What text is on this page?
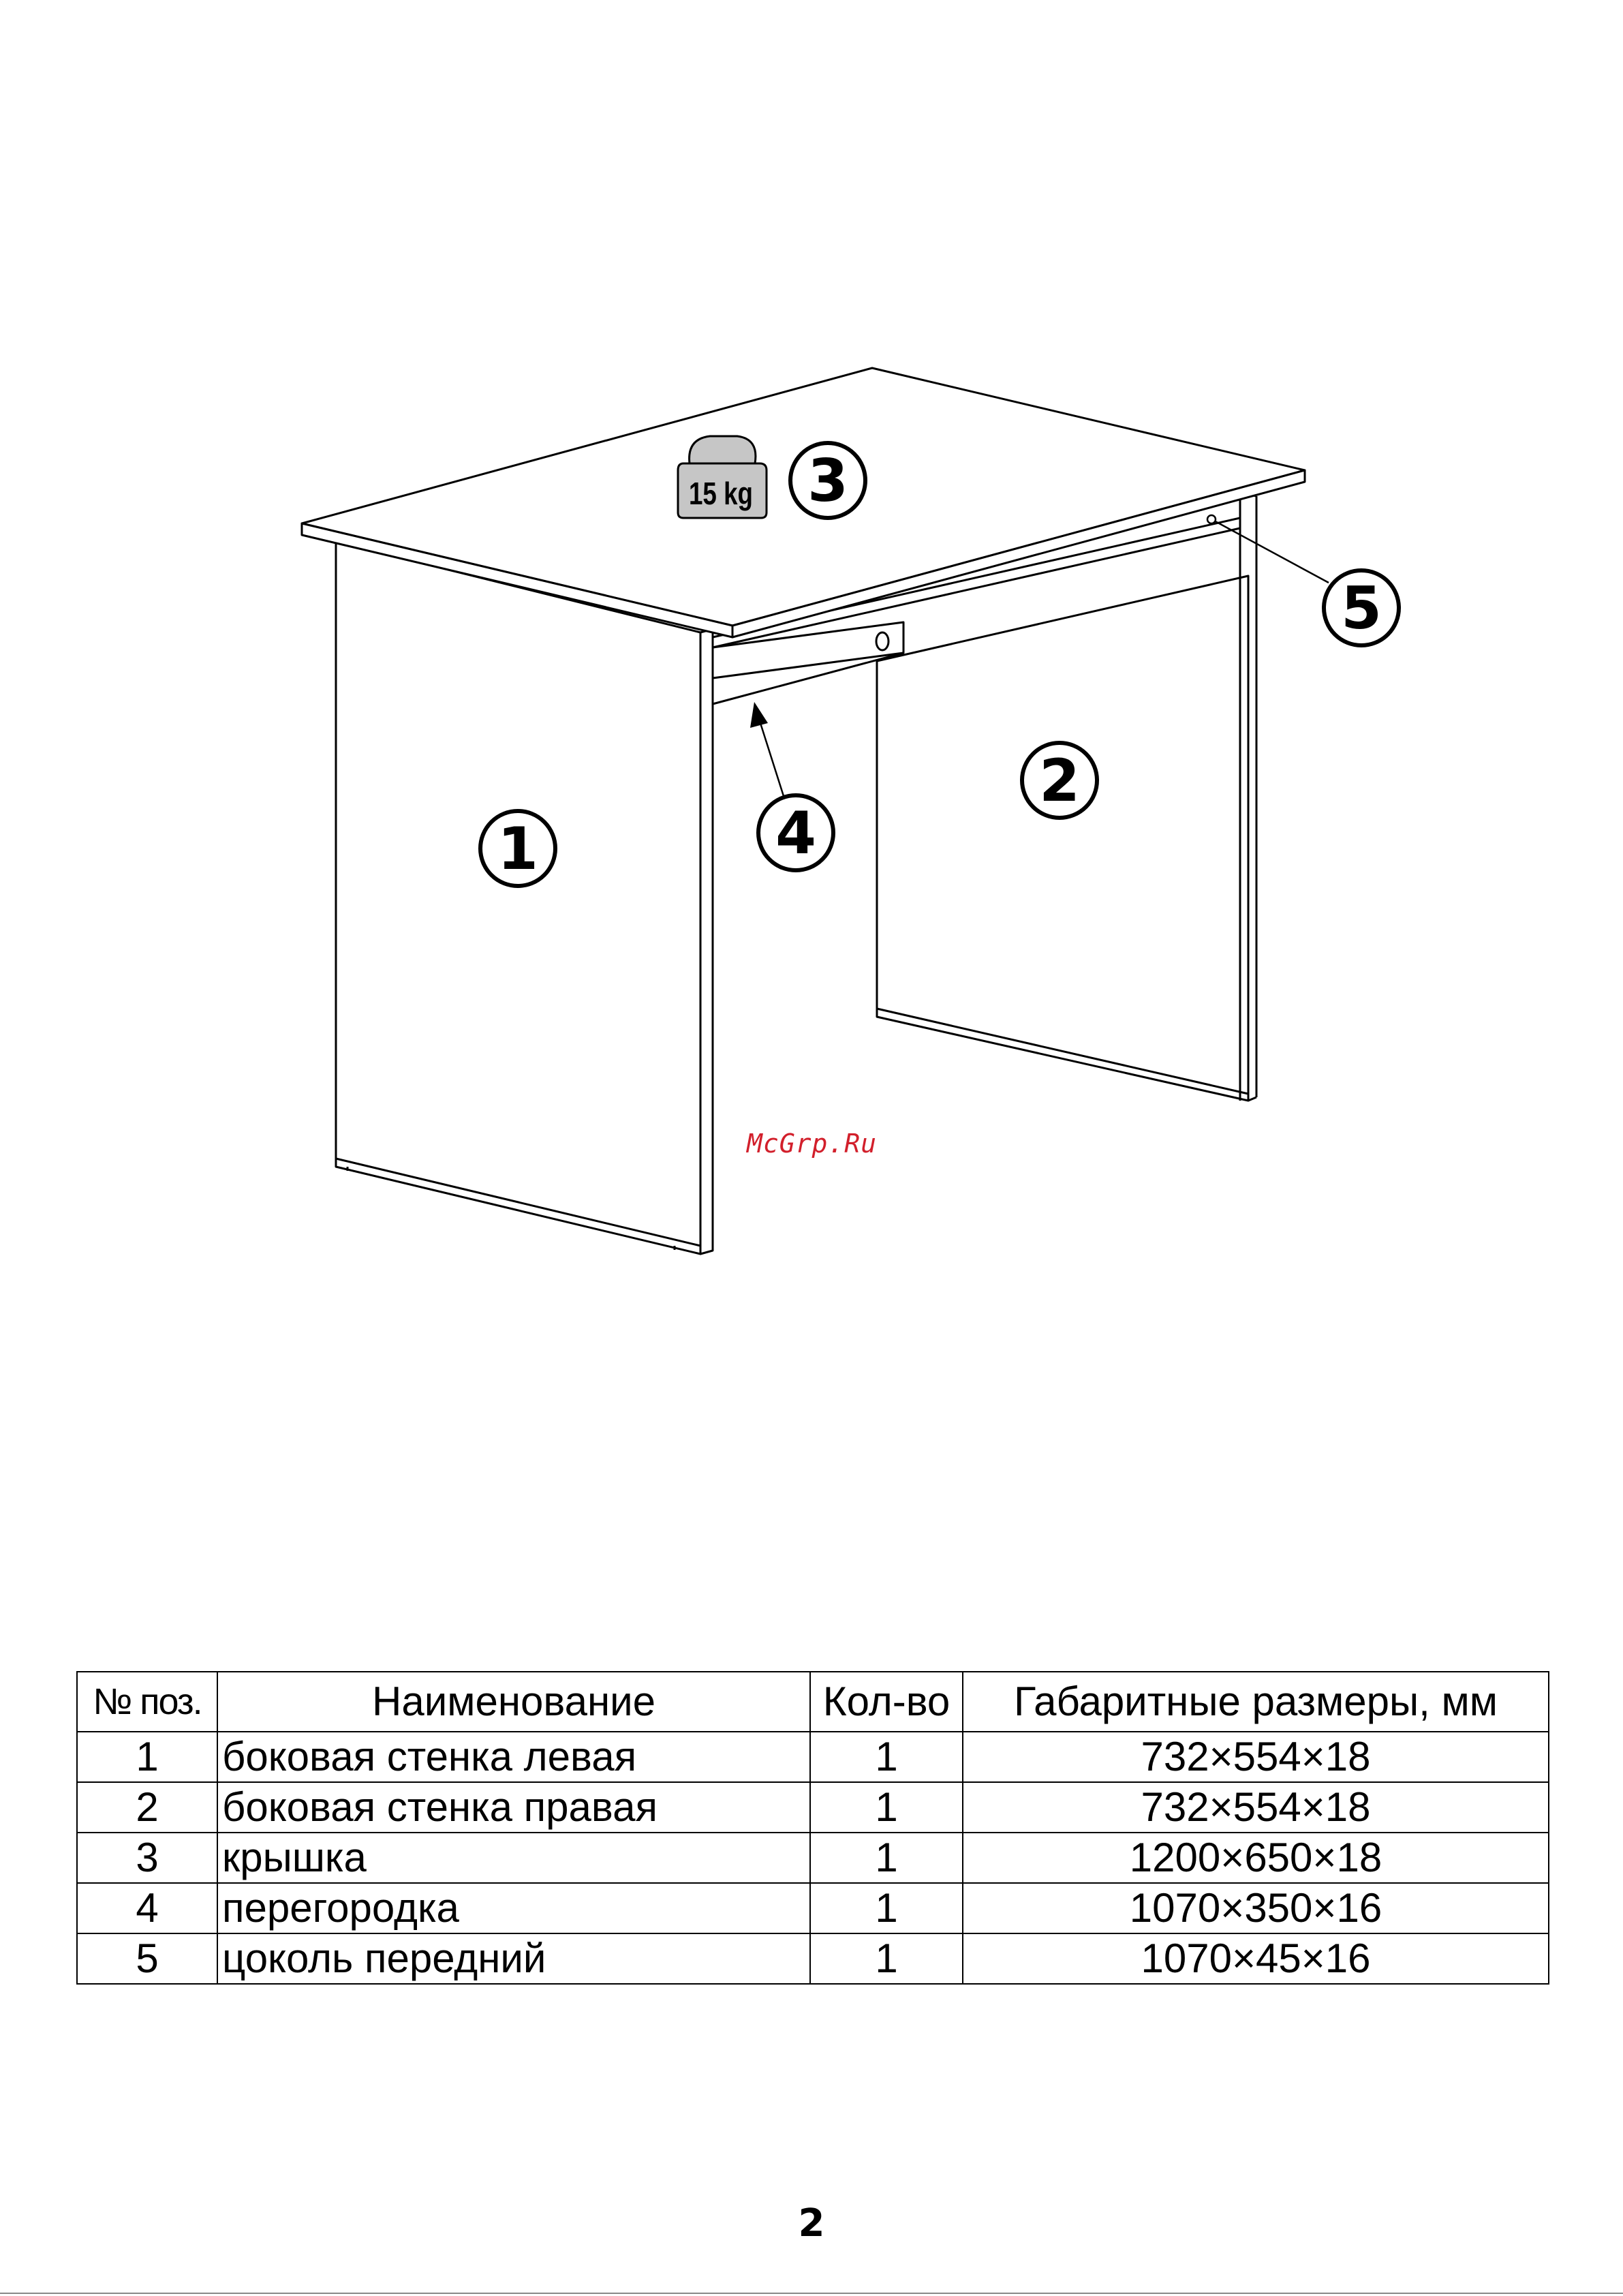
15 kg 3
5
2
4
1
McGrp.Ru
№ поз.	Наименование	Кол-во	Габаритные размеры, мм
1	боковая стенка левая	1	732×554×18
2	боковая стенка правая	1	732×554×18
3	крышка	1	1200×650×18
4	перегородка	1	1070×350×16
5	цоколь передний	1	1070×45×16
2
